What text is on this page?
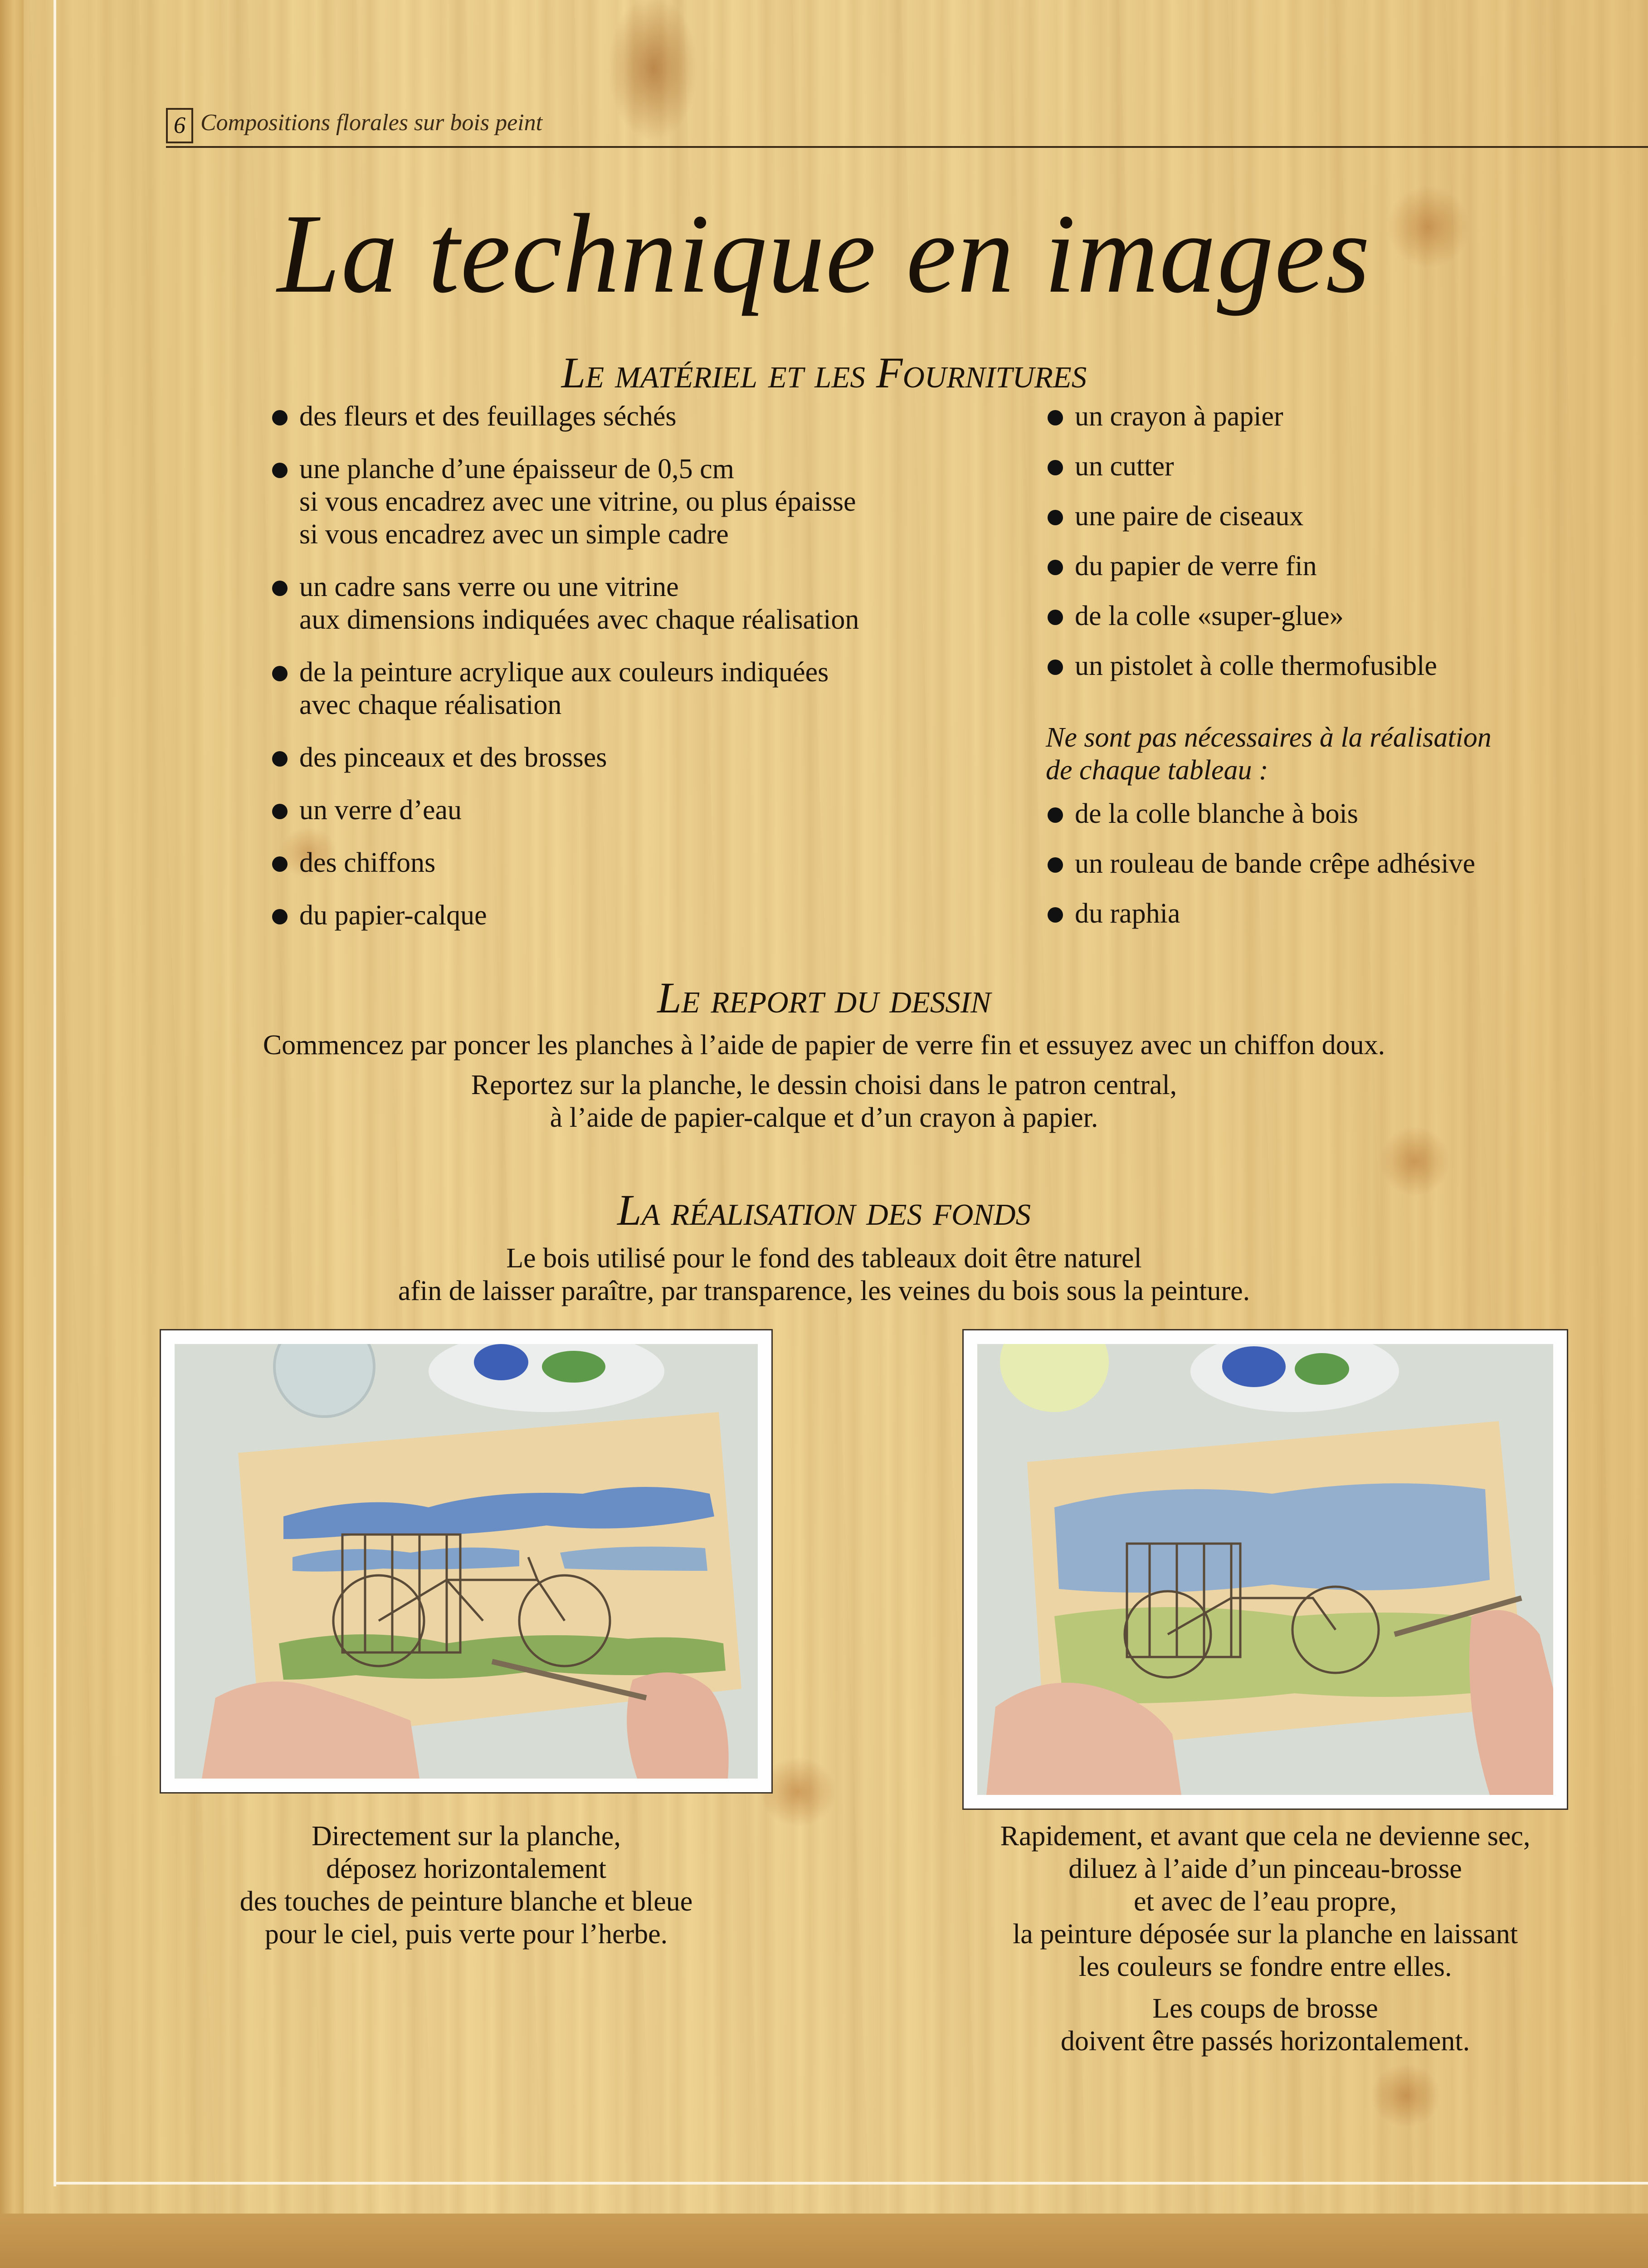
6 Compositions florales sur bois peint
La technique en images
Le matériel et les Fournitures
des fleurs et des feuillages séchés
une planche d’une épaisseur de 0,5 cm
si vous encadrez avec une vitrine, ou plus épaisse
si vous encadrez avec un simple cadre
un cadre sans verre ou une vitrine
aux dimensions indiquées avec chaque réalisation
de la peinture acrylique aux couleurs indiquées
avec chaque réalisation
des pinceaux et des brosses
un verre d’eau
des chiffons
du papier-calque
un crayon à papier
un cutter
une paire de ciseaux
du papier de verre fin
de la colle «super-glue»
un pistolet à colle thermofusible
Ne sont pas nécessaires à la réalisation
de chaque tableau :
de la colle blanche à bois
un rouleau de bande crêpe adhésive
du raphia
Le report du dessin
Commencez par poncer les planches à l’aide de papier de verre fin et essuyez avec un chiffon doux.
Reportez sur la planche, le dessin choisi dans le patron central,
à l’aide de papier-calque et d’un crayon à papier.
La réalisation des fonds
Le bois utilisé pour le fond des tableaux doit être naturel
afin de laisser paraître, par transparence, les veines du bois sous la peinture.
Directement sur la planche,
déposez horizontalement
des touches de peinture blanche et bleue
pour le ciel, puis verte pour l’herbe.
Rapidement, et avant que cela ne devienne sec,
diluez à l’aide d’un pinceau-brosse
et avec de l’eau propre,
la peinture déposée sur la planche en laissant
les couleurs se fondre entre elles.
Les coups de brosse
doivent être passés horizontalement.
